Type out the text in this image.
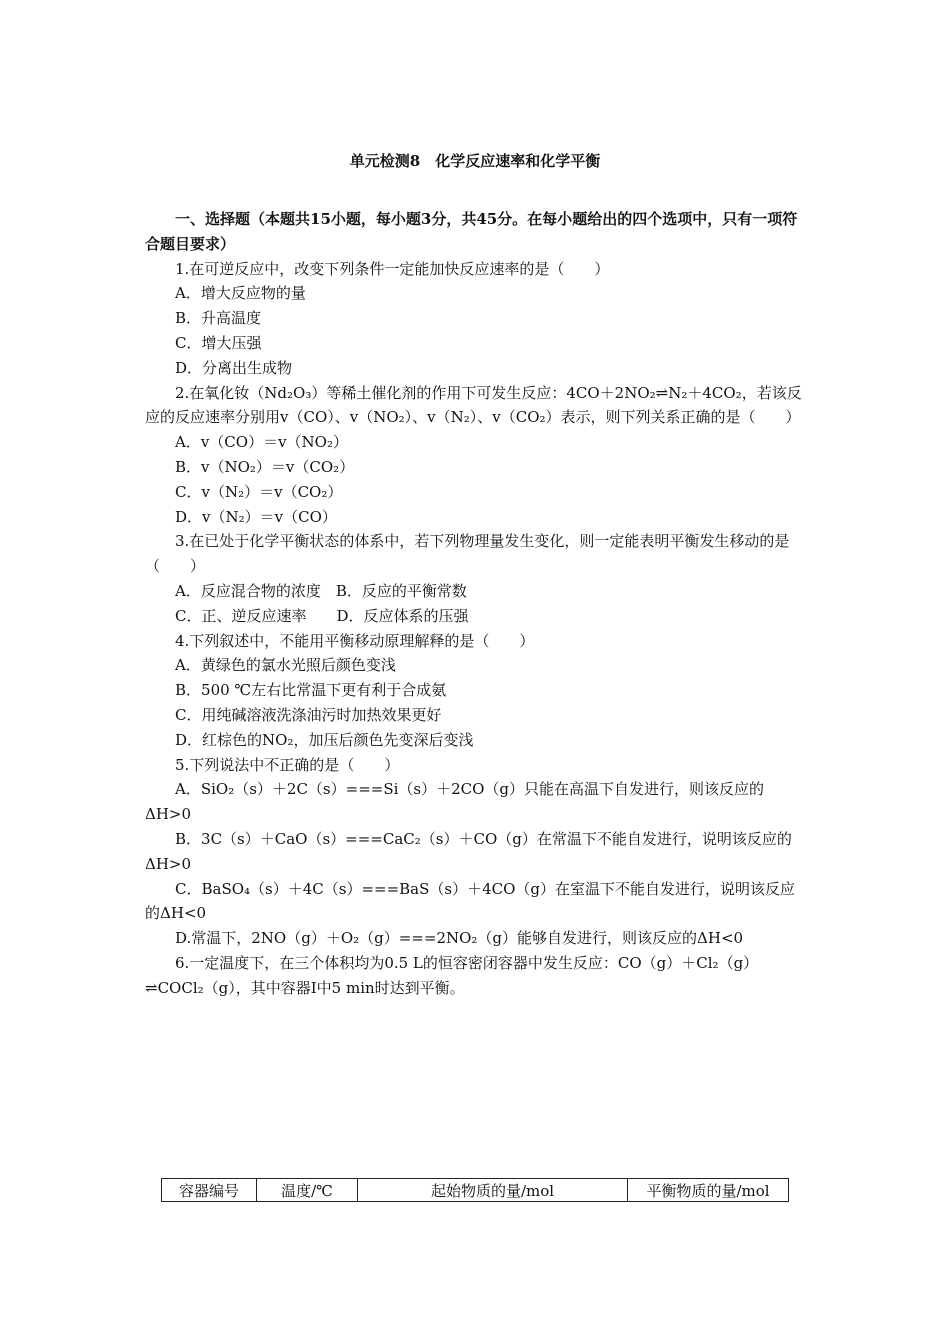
单元检测8　化学反应速率和化学平衡

一、选择题（本题共15小题，每小题3分，共45分。在每小题给出的四个选项中，只有一项符合题目要求）

1.在可逆反应中，改变下列条件一定能加快反应速率的是（　　）

A．增大反应物的量

B．升高温度

C．增大压强

D．分离出生成物

2.在氧化钕（Nd₂O₃）等稀土催化剂的作用下可发生反应：4CO＋2NO₂⇌N₂＋4CO₂，若该反应的反应速率分别用v（CO）、v（NO₂）、v（N₂）、v（CO₂）表示，则下列关系正确的是（　　）

A．v（CO）＝v（NO₂）

B．v（NO₂）＝v（CO₂）

C．v（N₂）＝v（CO₂）

D．v（N₂）＝v（CO）

3.在已处于化学平衡状态的体系中，若下列物理量发生变化，则一定能表明平衡发生移动的是（　　）

A．反应混合物的浓度　B．反应的平衡常数

C．正、逆反应速率　　D．反应体系的压强

4.下列叙述中，不能用平衡移动原理解释的是（　　）

A．黄绿色的氯水光照后颜色变浅

B．500 ℃左右比常温下更有利于合成氨

C．用纯碱溶液洗涤油污时加热效果更好

D．红棕色的NO₂，加压后颜色先变深后变浅

5.下列说法中不正确的是（　　）

A．SiO₂（s）＋2C（s）===Si（s）＋2CO（g）只能在高温下自发进行，则该反应的ΔH>0

B．3C（s）＋CaO（s）===CaC₂（s）＋CO（g）在常温下不能自发进行，说明该反应的ΔH>0

C．BaSO₄（s）＋4C（s）===BaS（s）＋4CO（g）在室温下不能自发进行，说明该反应的ΔH<0

D.常温下，2NO（g）＋O₂（g）===2NO₂（g）能够自发进行，则该反应的ΔH<0

6.一定温度下，在三个体积均为0.5 L的恒容密闭容器中发生反应：CO（g）＋Cl₂（g）⇌COCl₂（g），其中容器Ⅰ中5 min时达到平衡。

容器编号	温度/℃	起始物质的量/mol	平衡物质的量/mol
